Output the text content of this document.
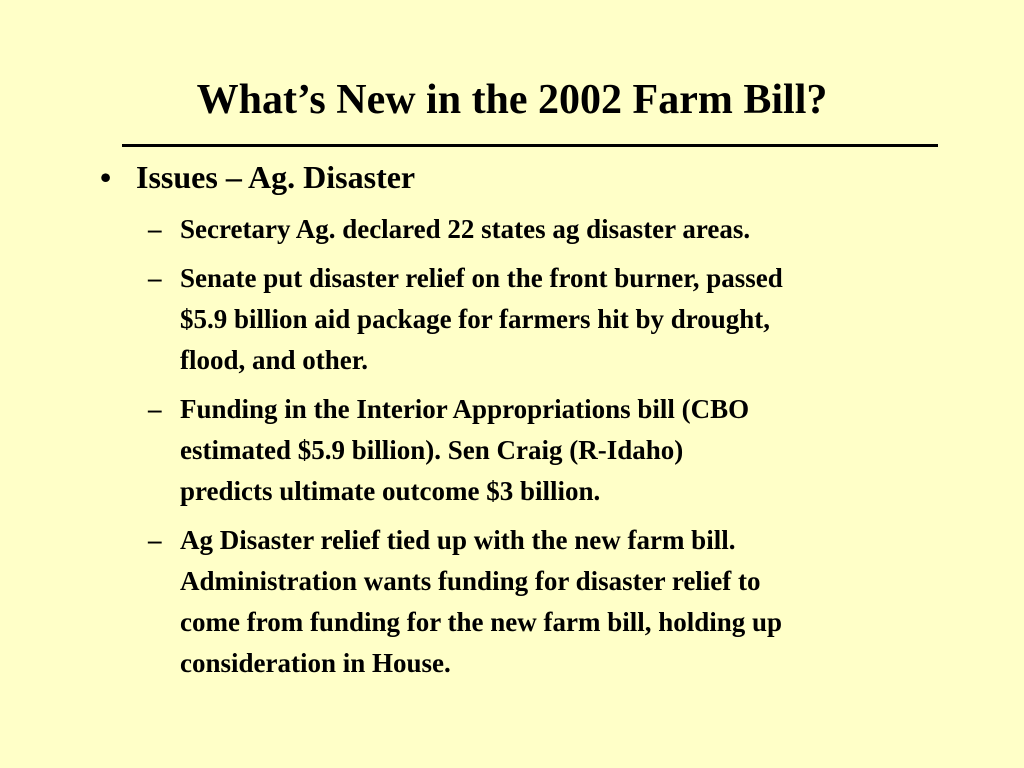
What’s New in the 2002 Farm Bill?
• Issues – Ag. Disaster
– Secretary Ag. declared 22 states ag disaster areas.
– Senate put disaster relief on the front burner, passed
$5.9 billion aid package for farmers hit by drought,
flood, and other.
– Funding in the Interior Appropriations bill (CBO
estimated $5.9 billion). Sen Craig (R-Idaho)
predicts ultimate outcome $3 billion.
– Ag Disaster relief tied up with the new farm bill.
Administration wants funding for disaster relief to
come from funding for the new farm bill, holding up
consideration in House.
